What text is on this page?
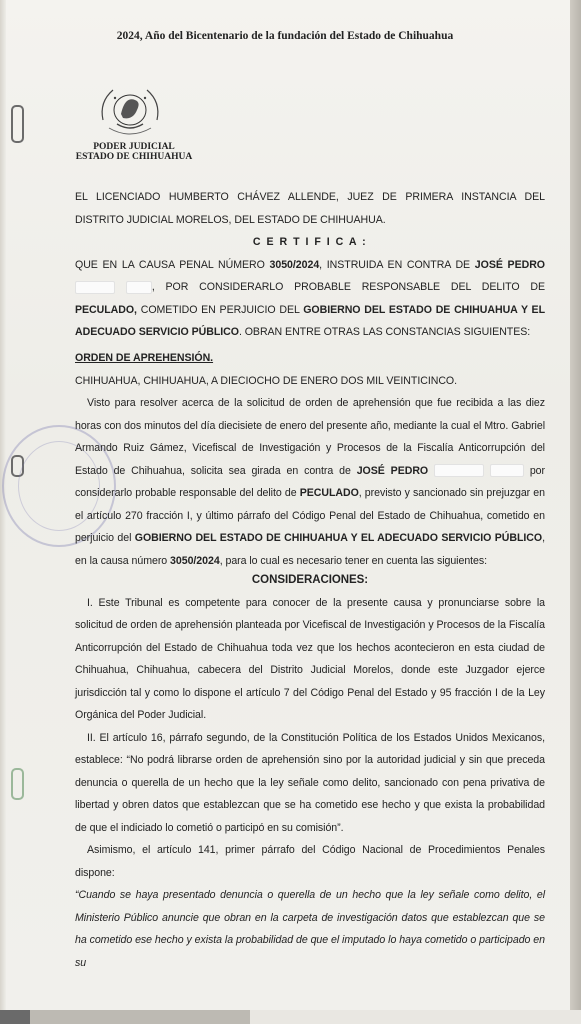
2024, Año del Bicentenario de la fundación del Estado de Chihuahua
PODER JUDICIAL
ESTADO DE CHIHUAHUA

EL LICENCIADO HUMBERTO CHÁVEZ ALLENDE, JUEZ DE PRIMERA INSTANCIA DEL DISTRITO JUDICIAL MORELOS, DEL ESTADO DE CHIHUAHUA.

C E R T I F I C A :

QUE EN LA CAUSA PENAL NÚMERO 3050/2024, INSTRUIDA EN CONTRA DE JOSÉ PEDRO  , POR CONSIDERARLO PROBABLE RESPONSABLE DEL DELITO DE PECULADO, COMETIDO EN PERJUICIO DEL GOBIERNO DEL ESTADO DE CHIHUAHUA Y EL ADECUADO SERVICIO PÚBLICO. OBRAN ENTRE OTRAS LAS CONSTANCIAS SIGUIENTES:

ORDEN DE APREHENSIÓN.

CHIHUAHUA, CHIHUAHUA, A DIECIOCHO DE ENERO DOS MIL VEINTICINCO.

Visto para resolver acerca de la solicitud de orden de aprehensión que fue recibida a las diez horas con dos minutos del día diecisiete de enero del presente año, mediante la cual el Mtro. Gabriel Armando Ruiz Gámez, Vicefiscal de Investigación y Procesos de la Fiscalía Anticorrupción del Estado de Chihuahua, solicita sea girada en contra de JOSÉ PEDRO	por considerarlo probable responsable del delito de PECULADO, previsto y sancionado sin prejuzgar en el artículo 270 fracción I, y último párrafo del Código Penal del Estado de Chihuahua, cometido en perjuicio del GOBIERNO DEL ESTADO DE CHIHUAHUA Y EL ADECUADO SERVICIO PÚBLICO, en la causa número 3050/2024, para lo cual es necesario tener en cuenta las siguientes:

CONSIDERACIONES:

I. Este Tribunal es competente para conocer de la presente causa y pronunciarse sobre la solicitud de orden de aprehensión planteada por Vicefiscal de Investigación y Procesos de la Fiscalía Anticorrupción del Estado de Chihuahua toda vez que los hechos acontecieron en esta ciudad de Chihuahua, Chihuahua, cabecera del Distrito Judicial Morelos, donde este Juzgador ejerce jurisdicción tal y como lo dispone el artículo 7 del Código Penal del Estado y 95 fracción I de la Ley Orgánica del Poder Judicial.

II. El artículo 16, párrafo segundo, de la Constitución Política de los Estados Unidos Mexicanos, establece: “No podrá librarse orden de aprehensión sino por la autoridad judicial y sin que preceda denuncia o querella de un hecho que la ley señale como delito, sancionado con pena privativa de libertad y obren datos que establezcan que se ha cometido ese hecho y que exista la probabilidad de que el indiciado lo cometió o participó en su comisión”.

Asimismo, el artículo 141, primer párrafo del Código Nacional de Procedimientos Penales dispone:

“Cuando se haya presentado denuncia o querella de un hecho que la ley señale como delito, el Ministerio Público anuncie que obran en la carpeta de investigación datos que establezcan que se ha cometido ese hecho y exista la probabilidad de que el imputado lo haya cometido o participado en su
